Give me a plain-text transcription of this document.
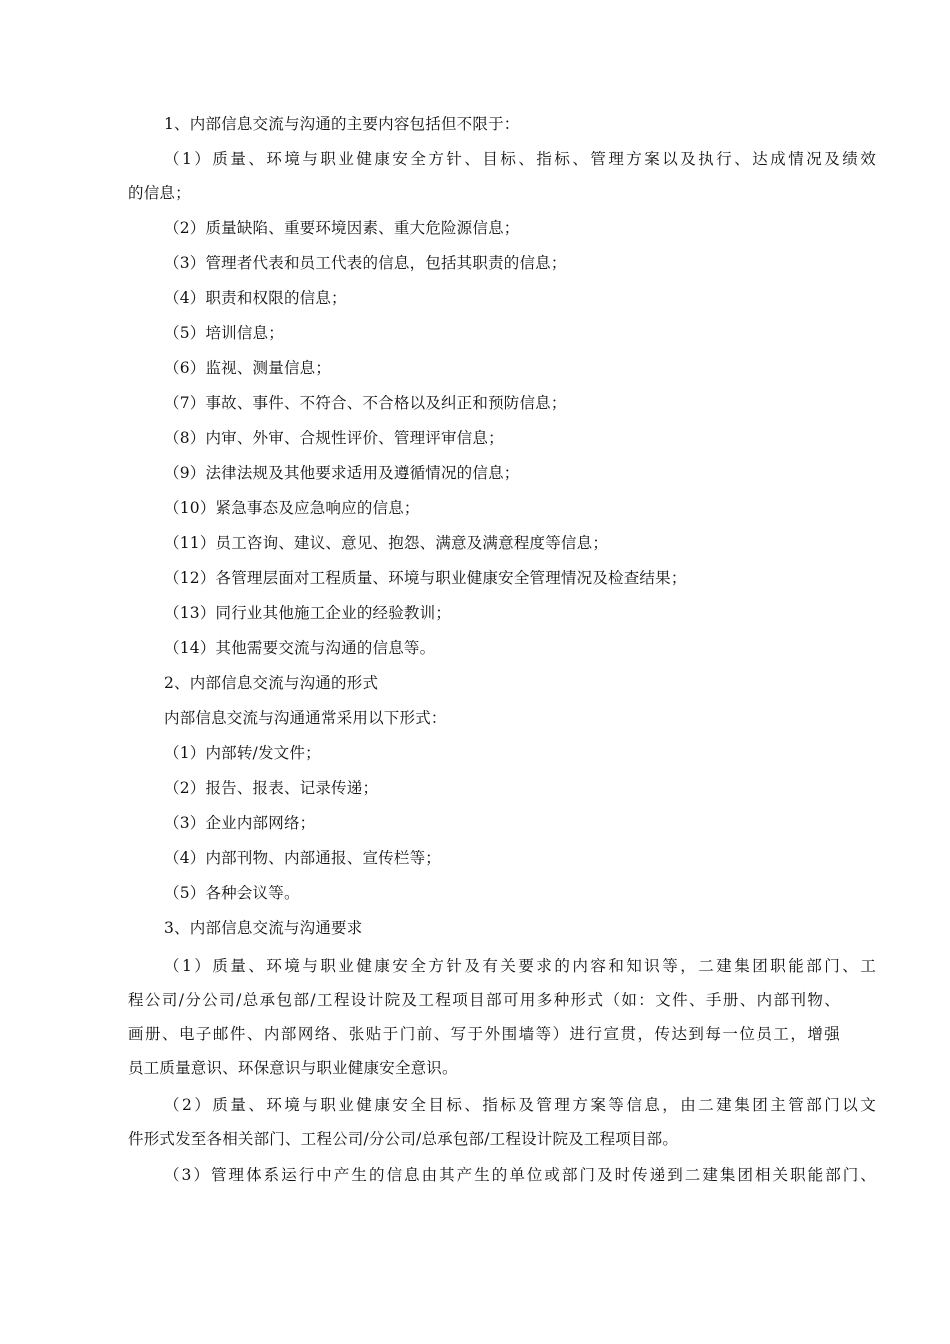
1、内部信息交流与沟通的主要内容包括但不限于：
（1）质量、环境与职业健康安全方针、目标、指标、管理方案以及执行、达成情况及绩效
的信息；
（2）质量缺陷、重要环境因素、重大危险源信息；
（3）管理者代表和员工代表的信息，包括其职责的信息；
（4）职责和权限的信息；
（5）培训信息；
（6）监视、测量信息；
（7）事故、事件、不符合、不合格以及纠正和预防信息；
（8）内审、外审、合规性评价、管理评审信息；
（9）法律法规及其他要求适用及遵循情况的信息；
（10）紧急事态及应急响应的信息；
（11）员工咨询、建议、意见、抱怨、满意及满意程度等信息；
（12）各管理层面对工程质量、环境与职业健康安全管理情况及检查结果；
（13）同行业其他施工企业的经验教训；
（14）其他需要交流与沟通的信息等。
2、内部信息交流与沟通的形式
内部信息交流与沟通通常采用以下形式：
（1）内部转/发文件；
（2）报告、报表、记录传递；
（3）企业内部网络；
（4）内部刊物、内部通报、宣传栏等；
（5）各种会议等。
3、内部信息交流与沟通要求
（1）质量、环境与职业健康安全方针及有关要求的内容和知识等，二建集团职能部门、工
程公司/分公司/总承包部/工程设计院及工程项目部可用多种形式（如：文件、手册、内部刊物、
画册、电子邮件、内部网络、张贴于门前、写于外围墙等）进行宣贯，传达到每一位员工，增强
员工质量意识、环保意识与职业健康安全意识。
（2）质量、环境与职业健康安全目标、指标及管理方案等信息，由二建集团主管部门以文
件形式发至各相关部门、工程公司/分公司/总承包部/工程设计院及工程项目部。
（3）管理体系运行中产生的信息由其产生的单位或部门及时传递到二建集团相关职能部门、
